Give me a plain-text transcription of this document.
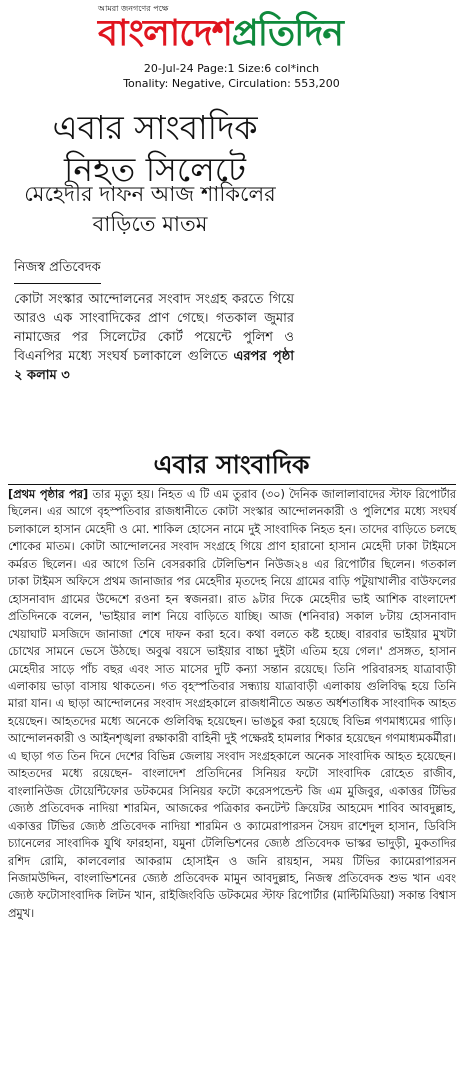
আমরা জনগণের পক্ষে
বাংলাদেশপ্রতিদিন
20-Jul-24 Page:1 Size:6 col*inch
Tonality: Negative, Circulation: 553,200
এবার সাংবাদিক নিহত সিলেটে
মেহেদীর দাফন আজ শাকিলের বাড়িতে মাতম
নিজস্ব প্রতিবেদক
কোটা সংস্কার আন্দোলনের সংবাদ সংগ্রহ করতে গিয়ে আরও এক সাংবাদিকের প্রাণ গেছে। গতকাল জুমার নামাজের পর সিলেটের কোর্ট পয়েন্টে পুলিশ ও বিএনপির মধ্যে সংঘর্ষ চলাকালে গুলিতে এরপর পৃষ্ঠা ২ কলাম ৩
এবার সাংবাদিক
[প্রথম পৃষ্ঠার পর] তার মৃত্যু হয়। নিহত এ টি এম তুরাব (৩০) দৈনিক জালালাবাদের স্টাফ রিপোর্টার ছিলেন। এর আগে বৃহস্পতিবার রাজধানীতে কোটা সংস্কার আন্দোলনকারী ও পুলিশের মধ্যে সংঘর্ষ চলাকালে হাসান মেহেদী ও মো. শাকিল হোসেন নামে দুই সাংবাদিক নিহত হন। তাদের বাড়িতে চলছে শোকের মাতম। কোটা আন্দোলনের সংবাদ সংগ্রহে গিয়ে প্রাণ হারানো হাসান মেহেদী ঢাকা টাইমসে কর্মরত ছিলেন। এর আগে তিনি বেসরকারি টেলিভিশন নিউজ২৪ এর রিপোর্টার ছিলেন। গতকাল ঢাকা টাইমস অফিসে প্রথম জানাজার পর মেহেদীর মৃতদেহ নিয়ে গ্রামের বাড়ি পটুয়াখালীর বাউফলের হোসনাবাদ গ্রামের উদ্দেশে রওনা হন স্বজনরা। রাত ৯টার দিকে মেহেদীর ভাই আশিক বাংলাদেশ প্রতিদিনকে বলেন, 'ভাইয়ার লাশ নিয়ে বাড়িতে যাচ্ছি। আজ (শনিবার) সকাল ৮টায় হোসনাবাদ খেয়াঘাট মসজিদে জানাজা শেষে দাফন করা হবে। কথা বলতে কষ্ট হচ্ছে। বারবার ভাইয়ার মুখটা চোখের সামনে ভেসে উঠছে। অবুঝ বয়সে ভাইয়ার বাচ্চা দুইটা এতিম হয়ে গেল।' প্রসঙ্গত, হাসান মেহেদীর সাড়ে পাঁচ বছর এবং সাত মাসের দুটি কন্যা সন্তান রয়েছে। তিনি পরিবারসহ যাত্রাবাড়ী এলাকায় ভাড়া বাসায় থাকতেন। গত বৃহস্পতিবার সন্ধ্যায় যাত্রাবাড়ী এলাকায় গুলিবিদ্ধ হয়ে তিনি মারা যান। এ ছাড়া আন্দোলনের সংবাদ সংগ্রহকালে রাজধানীতে অন্তত অর্ধশতাধিক সাংবাদিক আহত হয়েছেন। আহতদের মধ্যে অনেকে গুলিবিদ্ধ হয়েছেন। ভাঙচুর করা হয়েছে বিভিন্ন গণমাধ্যমের গাড়ি। আন্দোলনকারী ও আইনশৃঙ্খলা রক্ষাকারী বাহিনী দুই পক্ষেরই হামলার শিকার হয়েছেন গণমাধ্যমকর্মীরা। এ ছাড়া গত তিন দিনে দেশের বিভিন্ন জেলায় সংবাদ সংগ্রহকালে অনেক সাংবাদিক আহত হয়েছেন। আহতদের মধ্যে রয়েছেন- বাংলাদেশ প্রতিদিনের সিনিয়র ফটো সাংবাদিক রোহেত রাজীব, বাংলানিউজ টোয়েন্টিফোর ডটকমের সিনিয়র ফটো করেসপন্ডেন্ট জি এম মুজিবুর, একাত্তর টিভির জ্যেষ্ঠ প্রতিবেদক নাদিয়া শারমিন, আজকের পত্রিকার কনটেন্ট ক্রিয়েটর আহমেদ শাবিব আবদুল্লাহ, একাত্তর টিভির জ্যেষ্ঠ প্রতিবেদক নাদিয়া শারমিন ও ক্যামেরাপারসন সৈয়দ রাশেদুল হাসান, ডিবিসি চ্যানেলের সাংবাদিক যুথি ফারহানা, যমুনা টেলিভিশনের জ্যেষ্ঠ প্রতিবেদক ভাস্কর ভাদুড়ী, মুকতাদির রশিদ রোমি, কালবেলার আকরাম হোসাইন ও জনি রায়হান, সময় টিভির ক্যামেরাপারসন নিজামউদ্দিন, বাংলাভিশনের জ্যেষ্ঠ প্রতিবেদক মামুন আবদুল্লাহ, নিজস্ব প্রতিবেদক শুভ খান এবং জ্যেষ্ঠ ফটোসাংবাদিক লিটন খান, রাইজিংবিডি ডটকমের স্টাফ রিপোর্টার (মাল্টিমিডিয়া) সকান্ত বিশ্বাস প্রমুখ।
